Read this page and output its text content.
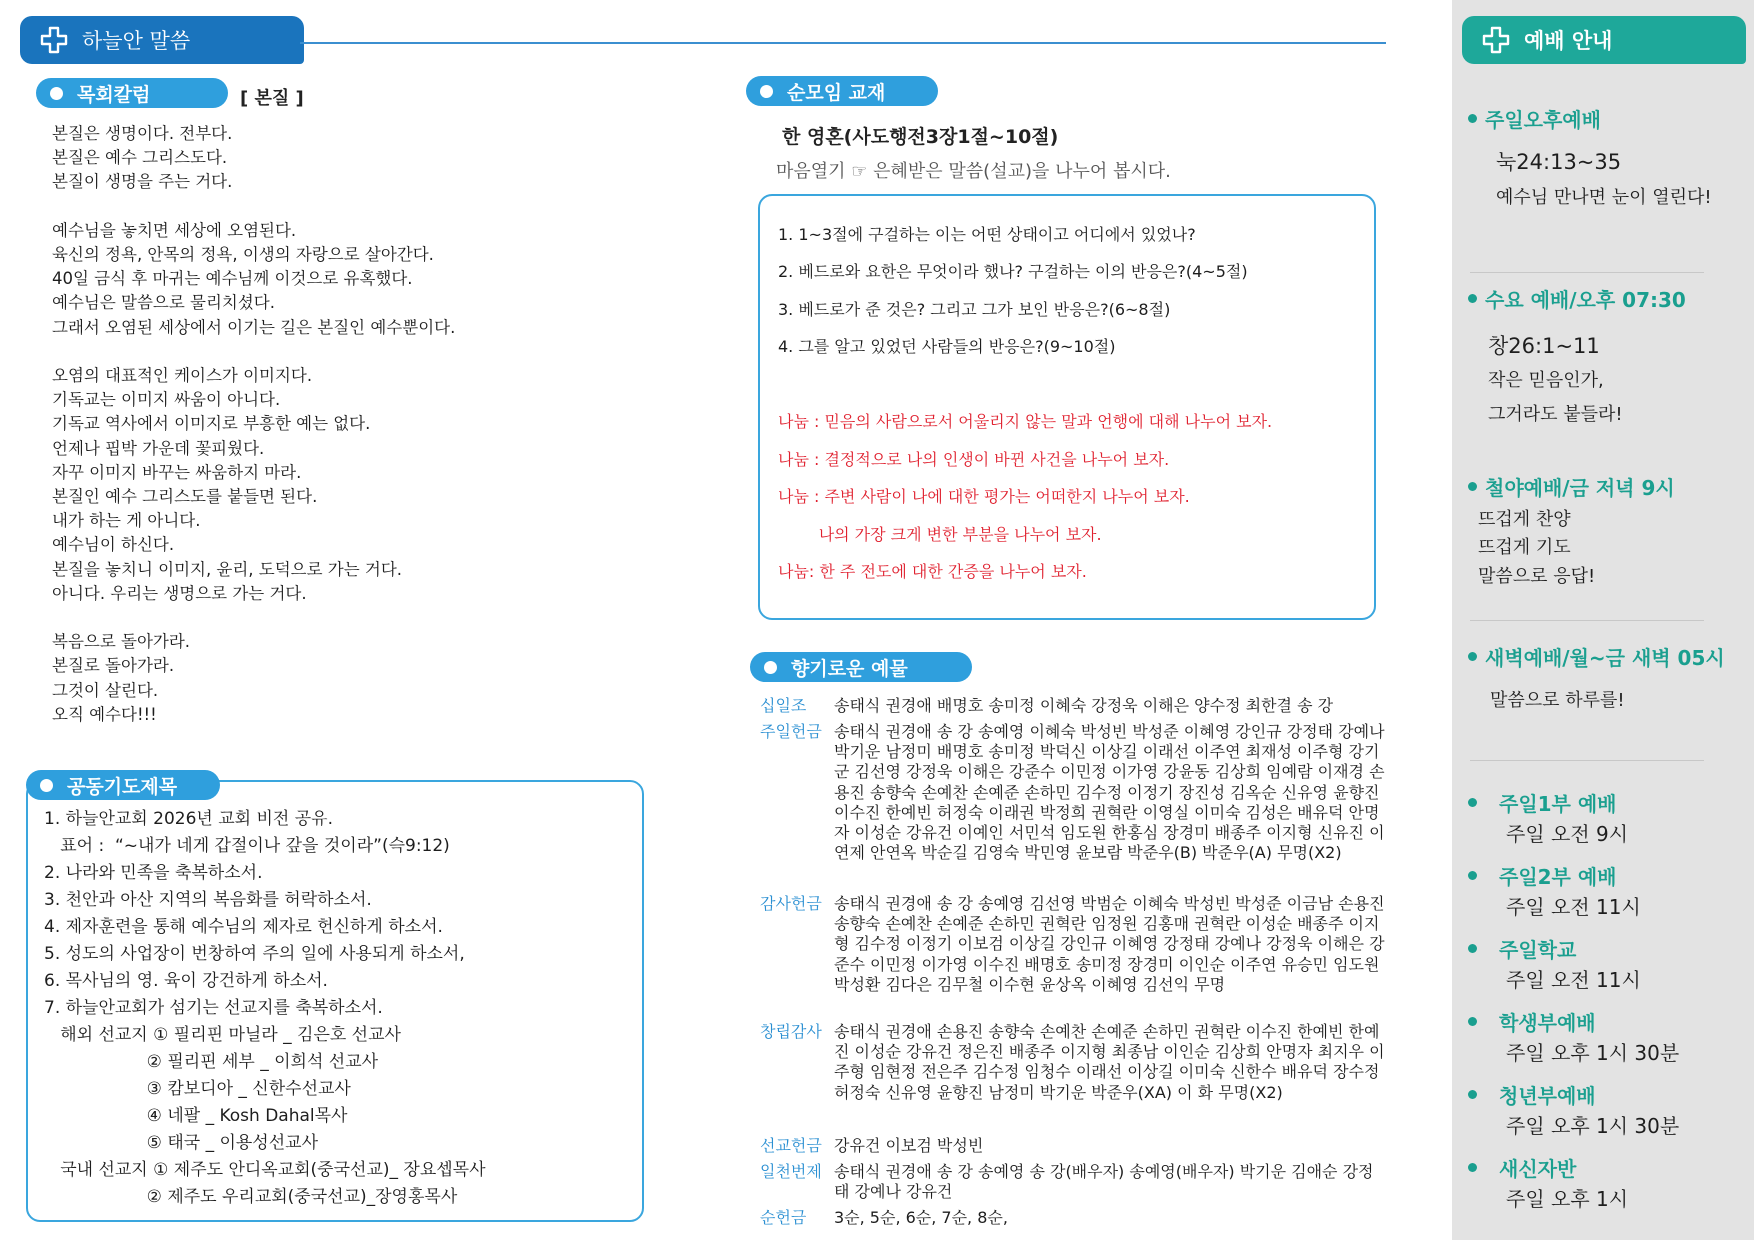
하늘안 말씀
목회칼럼	[ 본질 ]
본질은 생명이다. 전부다.
본질은 예수 그리스도다.
본질이 생명을 주는 거다.

예수님을 놓치면 세상에 오염된다.
육신의 정욕, 안목의 정욕, 이생의 자랑으로 살아간다.
40일 금식 후 마귀는 예수님께 이것으로 유혹했다.
예수님은 말씀으로 물리치셨다.
그래서 오염된 세상에서 이기는 길은 본질인 예수뿐이다.

오염의 대표적인 케이스가 이미지다.
기독교는 이미지 싸움이 아니다.
기독교 역사에서 이미지로 부흥한 예는 없다.
언제나 핍박 가운데 꽃피웠다.
자꾸 이미지 바꾸는 싸움하지 마라.
본질인 예수 그리스도를 붙들면 된다.
내가 하는 게 아니다.
예수님이 하신다.
본질을 놓치니 이미지, 윤리, 도덕으로 가는 거다.
아니다. 우리는 생명으로 가는 거다.

복음으로 돌아가라.
본질로 돌아가라.
그것이 살린다.
오직 예수다!!!
공동기도제목
1. 하늘안교회 2026년 교회 비전 공유.
표어 :  “~내가 네게 갑절이나 갚을 것이라”(슥9:12)
2. 나라와 민족을 축복하소서.
3. 천안과 아산 지역의 복음화를 허락하소서.
4. 제자훈련을 통해 예수님의 제자로 헌신하게 하소서.
5. 성도의 사업장이 번창하여 주의 일에 사용되게 하소서,
6. 목사님의 영. 육이 강건하게 하소서.
7. 하늘안교회가 섬기는 선교지를 축복하소서.
해외 선교지 ① 필리핀 마닐라 _ 김은호 선교사
② 필리핀 세부 _ 이희석 선교사
③ 캄보디아 _ 신한수선교사
④ 네팔 _ Kosh Dahal목사
⑤ 태국 _ 이용성선교사
국내 선교지 ① 제주도 안디옥교회(중국선교)_ 장요셉목사
② 제주도 우리교회(중국선교)_장영홍목사
순모임 교재
한 영혼(사도행전3장1절~10절)
마음열기 ☞ 은혜받은 말씀(설교)을 나누어 봅시다.
1. 1~3절에 구걸하는 이는 어떤 상태이고 어디에서 있었나?
2. 베드로와 요한은 무엇이라 했나? 구걸하는 이의 반응은?(4~5절)
3. 베드로가 준 것은? 그리고 그가 보인 반응은?(6~8절)
4. 그를 알고 있었던 사람들의 반응은?(9~10절)
나눔 : 믿음의 사람으로서 어울리지 않는 말과 언행에 대해 나누어 보자.
나눔 : 결정적으로 나의 인생이 바뀐 사건을 나누어 보자.
나눔 : 주변 사람이 나에 대한 평가는 어떠한지 나누어 보자.
나의 가장 크게 변한 부분을 나누어 보자.
나눔: 한 주 전도에 대한 간증을 나누어 보자.
향기로운 예물
십일조	송태식 권경애 배명호 송미정 이혜숙 강정욱 이해은 양수정 최한결 송 강
주일헌금 송태식 권경애 송 강 송예영 이혜숙 박성빈 박성준 이혜영 강인규 강정태 강예나 박기운 남정미 배명호 송미정 박덕신 이상길 이래선 이주연 최재성 이주형 강기군 김선영 강정욱 이해은 강준수 이민정 이가영 강윤동 김상희 임예람 이재경 손용진 송향숙 손예찬 손예준 손하민 김수정 이정기 장진성 김옥순 신유영 윤향진 이수진 한예빈 허정숙 이래권 박정희 권혁란 이영실 이미숙 김성은 배유덕 안명자 이성순 강유건 이예인 서민석 임도원 한홍심 장경미 배종주 이지형 신유진 이연제 안연옥 박순길 김영숙 박민영 윤보람 박준우(B) 박준우(A) 무명(X2)
감사헌금 송태식 권경애 송 강 송예영 김선영 박범순 이혜숙 박성빈 박성준 이금남 손용진 송향숙 손예찬 손예준 손하민 권혁란 임정원 김홍매 권혁란 이성순 배종주 이지형 김수정 이정기 이보검 이상길 강인규 이혜영 강정태 강예나 강정욱 이해은 강준수 이민정 이가영 이수진 배명호 송미정 장경미 이인순 이주연 유승민 임도원 박성환 김다은 김무철 이수현 윤상옥 이혜영 김선익 무명
창립감사 송태식 권경애 손용진 송향숙 손예찬 손예준 손하민 권혁란 이수진 한예빈 한예진 이성순 강유건 정은진 배종주 이지형 최종남 이인순 김상희 안명자 최지우 이주형 임현정 전은주 김수정 임청수 이래선 이상길 이미숙 신한수 배유덕 장수정 허정숙 신유영 윤향진 남정미 박기운 박준우(XA) 이 화 무명(X2)
선교헌금 강유건 이보검 박성빈
일천번제 송태식 권경애 송 강 송예영 송 강(배우자) 송예영(배우자) 박기운 김애순 강정태 강예나 강유건
순헌금	3순, 5순, 6순, 7순, 8순,
예배 안내
주일오후예배
눅24:13~35
예수님 만나면 눈이 열린다!
수요 예배/오후 07:30
창26:1~11
작은 믿음인가,
그거라도 붙들라!
철야예배/금 저녁 9시
뜨겁게 찬양
뜨겁게 기도
말씀으로 응답!
새벽예배/월~금 새벽 05시
말씀으로 하루를!
주일1부 예배
주일 오전 9시
주일2부 예배
주일 오전 11시
주일학교
주일 오전 11시
학생부예배
주일 오후 1시 30분
청년부예배
주일 오후 1시 30분
새신자반
주일 오후 1시
